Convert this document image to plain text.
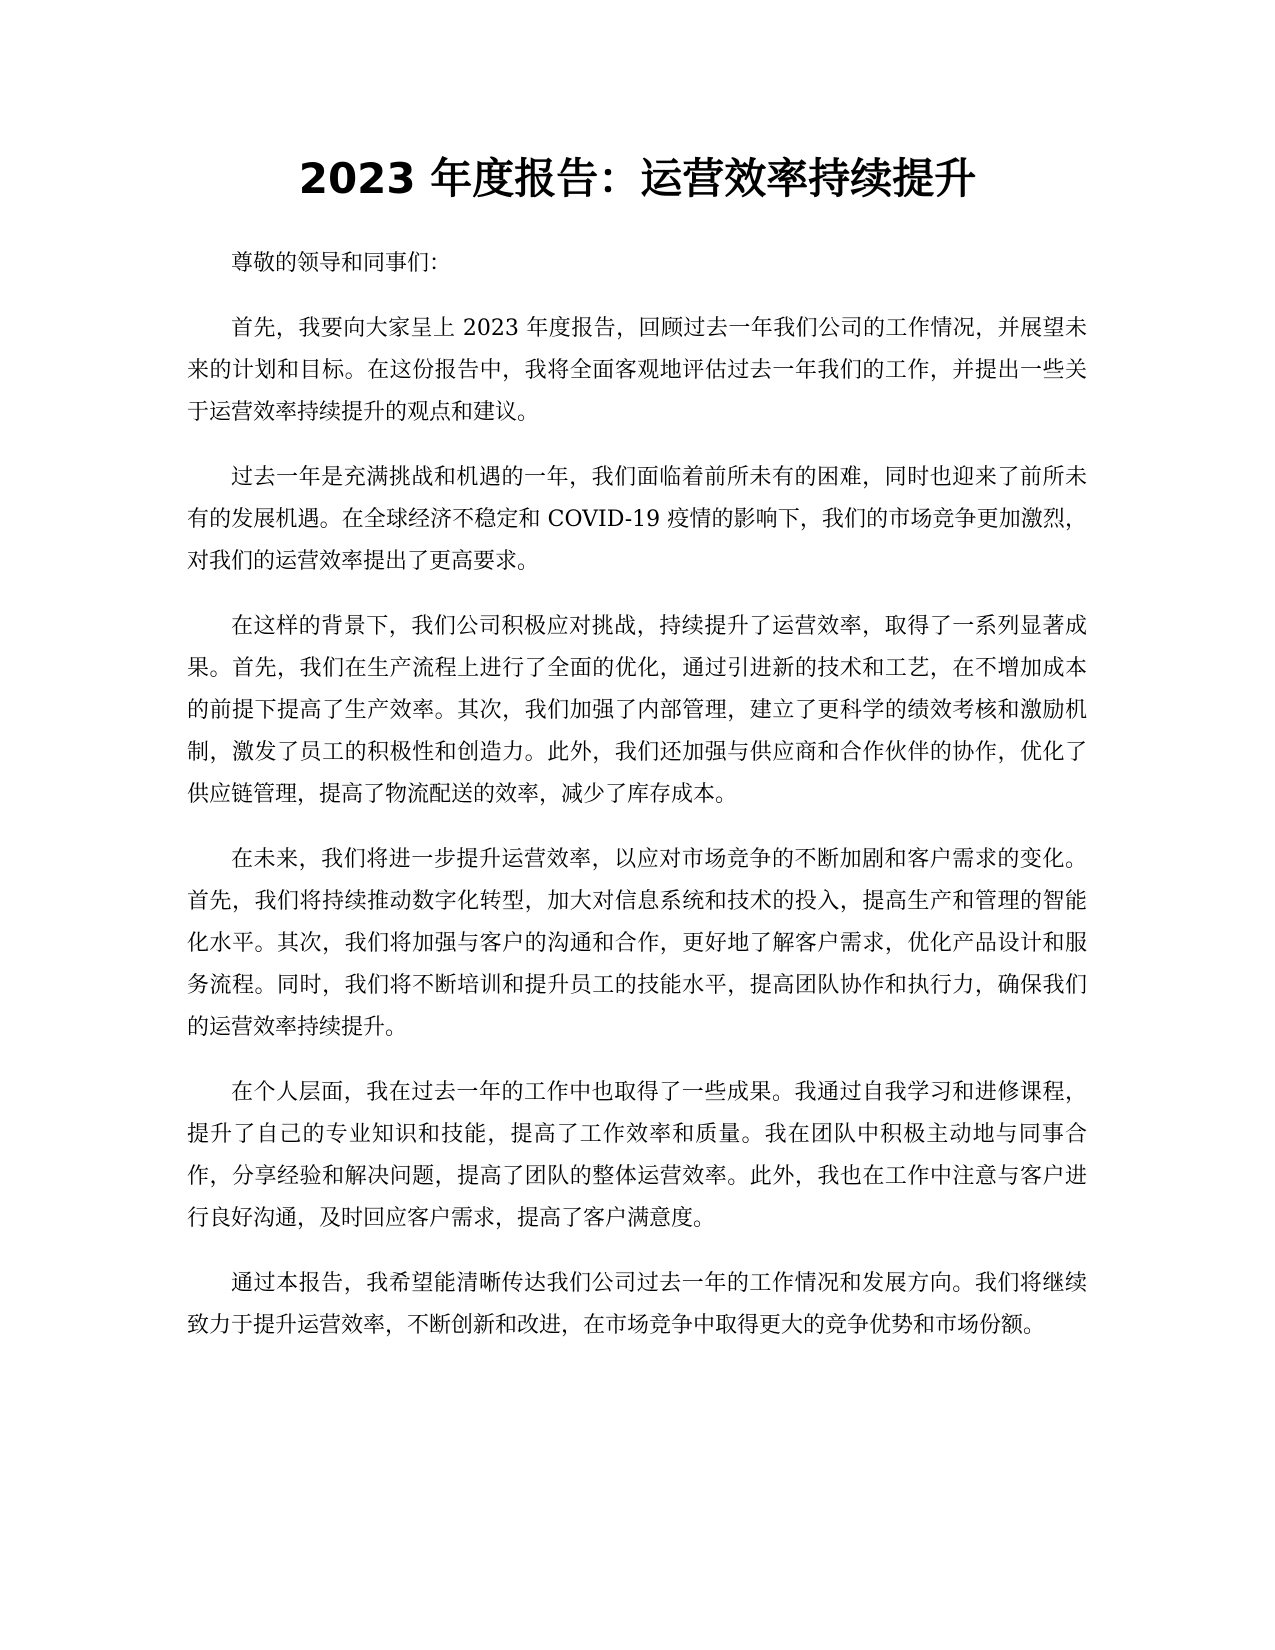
2023 年度报告：运营效率持续提升

尊敬的领导和同事们：

首先，我要向大家呈上 2023 年度报告，回顾过去一年我们公司的工作情况，并展望未来的计划和目标。在这份报告中，我将全面客观地评估过去一年我们的工作，并提出一些关于运营效率持续提升的观点和建议。

过去一年是充满挑战和机遇的一年，我们面临着前所未有的困难，同时也迎来了前所未有的发展机遇。在全球经济不稳定和 COVID-19 疫情的影响下，我们的市场竞争更加激烈，对我们的运营效率提出了更高要求。

在这样的背景下，我们公司积极应对挑战，持续提升了运营效率，取得了一系列显著成果。首先，我们在生产流程上进行了全面的优化，通过引进新的技术和工艺，在不增加成本的前提下提高了生产效率。其次，我们加强了内部管理，建立了更科学的绩效考核和激励机制，激发了员工的积极性和创造力。此外，我们还加强与供应商和合作伙伴的协作，优化了供应链管理，提高了物流配送的效率，减少了库存成本。

在未来，我们将进一步提升运营效率，以应对市场竞争的不断加剧和客户需求的变化。首先，我们将持续推动数字化转型，加大对信息系统和技术的投入，提高生产和管理的智能化水平。其次，我们将加强与客户的沟通和合作，更好地了解客户需求，优化产品设计和服务流程。同时，我们将不断培训和提升员工的技能水平，提高团队协作和执行力，确保我们的运营效率持续提升。

在个人层面，我在过去一年的工作中也取得了一些成果。我通过自我学习和进修课程，提升了自己的专业知识和技能，提高了工作效率和质量。我在团队中积极主动地与同事合作，分享经验和解决问题，提高了团队的整体运营效率。此外，我也在工作中注意与客户进行良好沟通，及时回应客户需求，提高了客户满意度。

通过本报告，我希望能清晰传达我们公司过去一年的工作情况和发展方向。我们将继续致力于提升运营效率，不断创新和改进，在市场竞争中取得更大的竞争优势和市场份额。
